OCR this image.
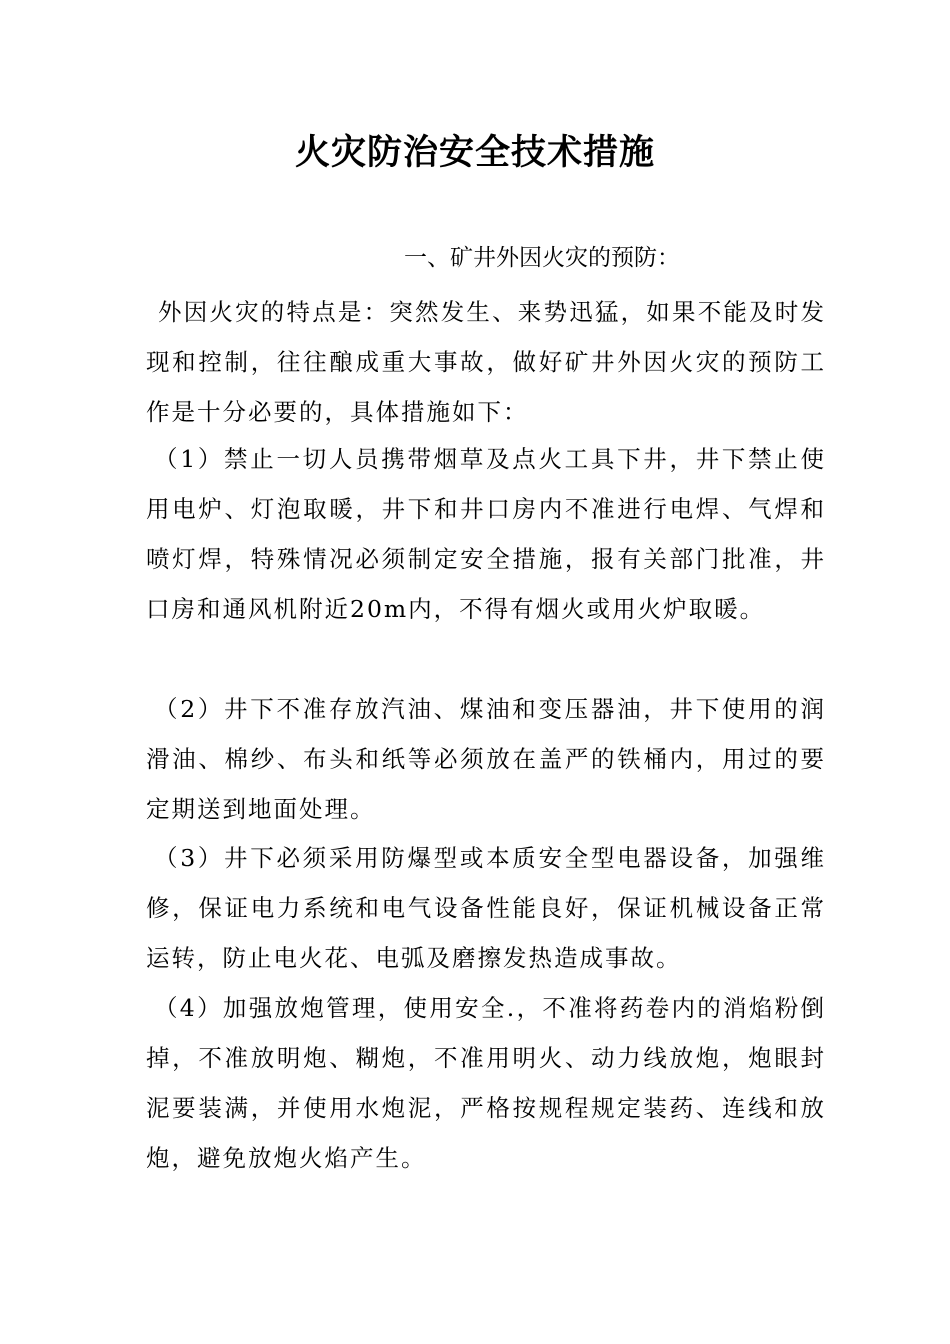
火灾防治安全技术措施

一、矿井外因火灾的预防：

外因火灾的特点是：突然发生、来势迅猛，如果不能及时发现和控制，往往酿成重大事故，做好矿井外因火灾的预防工作是十分必要的，具体措施如下：

（1）禁止一切人员携带烟草及点火工具下井，井下禁止使用电炉、灯泡取暖，井下和井口房内不准进行电焊、气焊和喷灯焊，特殊情况必须制定安全措施，报有关部门批准，井口房和通风机附近20m内，不得有烟火或用火炉取暖。

（2）井下不准存放汽油、煤油和变压器油，井下使用的润滑油、棉纱、布头和纸等必须放在盖严的铁桶内，用过的要定期送到地面处理。

（3）井下必须采用防爆型或本质安全型电器设备，加强维修，保证电力系统和电气设备性能良好，保证机械设备正常运转，防止电火花、电弧及磨擦发热造成事故。

（4）加强放炮管理，使用安全.，不准将药卷内的消焰粉倒掉，不准放明炮、糊炮，不准用明火、动力线放炮，炮眼封泥要装满，并使用水炮泥，严格按规程规定装药、连线和放炮，避免放炮火焰产生。
